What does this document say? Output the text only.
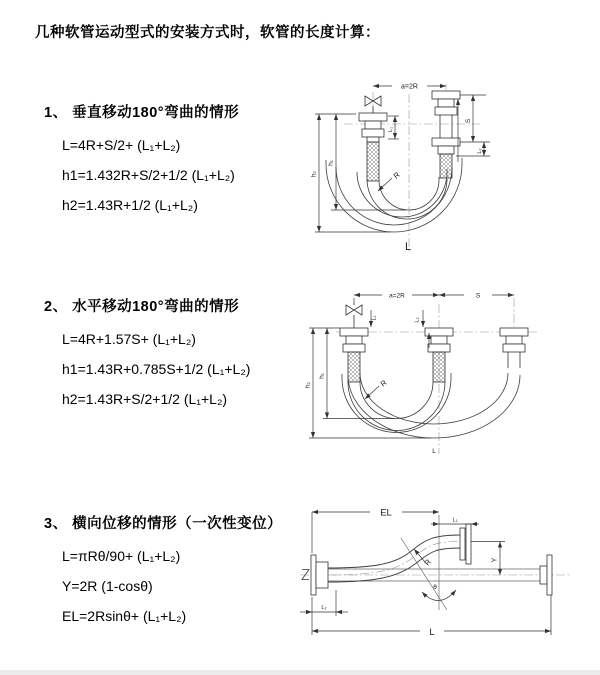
几种软管运动型式的安装方式时，软管的长度计算：
1、 垂直移动180°弯曲的情形
L=4R+S/2+ (L₁+L₂)
h1=1.432R+S/2+1/2 (L₁+L₂)
h2=1.43R+1/2 (L₁+L₂)
2、 水平移动180°弯曲的情形
L=4R+1.57S+ (L₁+L₂)
h1=1.43R+0.785S+1/2 (L₁+L₂)
h2=1.43R+S/2+1/2 (L₁+L₂)
3、 横向位移的情形（一次性变位）
L=πRθ/90+ (L₁+L₂)
Y=2R (1-cosθ)
EL=2Rsinθ+ (L₁+L₂)
a=2R
S
L₂
L₁
h₁
h₂	R
L
a=2R	S
L₁	L₂
h₁
h₂	R
L
EL
L₁
Y
R
θ
L₂
L
